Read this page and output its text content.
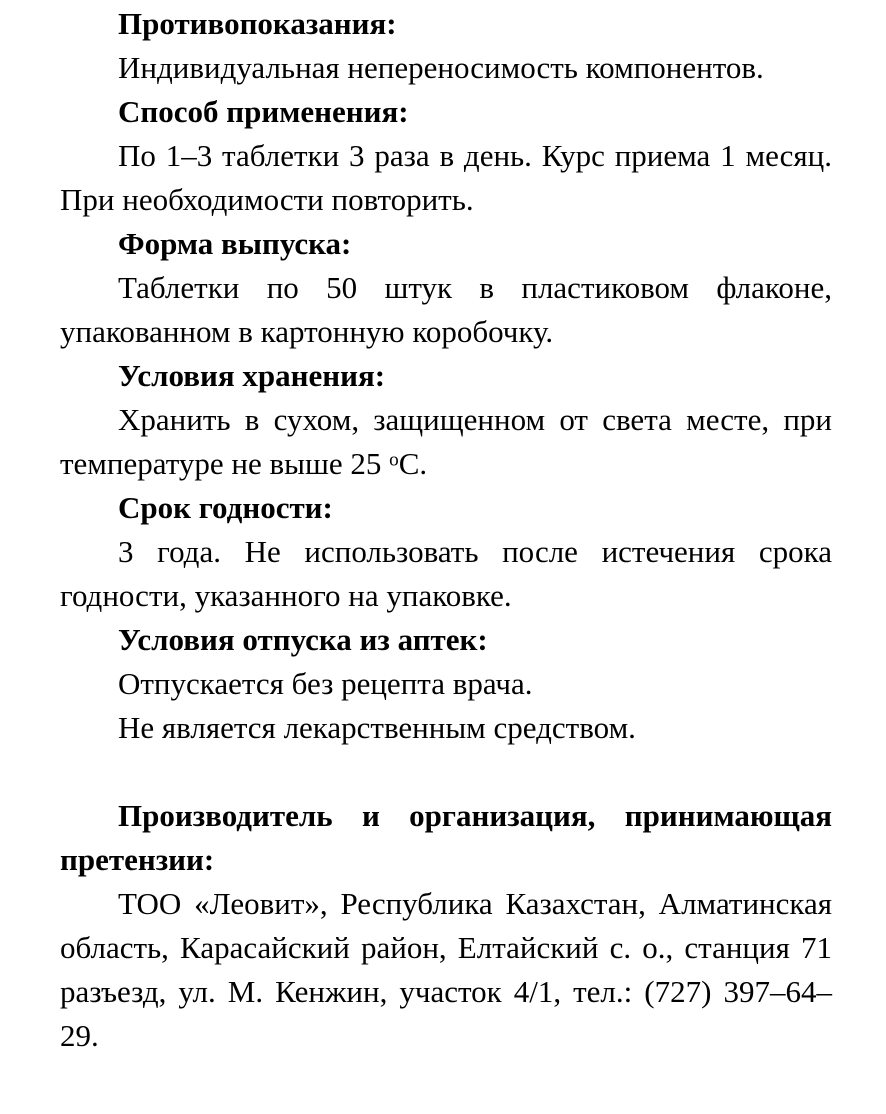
Противопоказания:

Индивидуальная непереносимость компонентов.

Способ применения:

По 1–3 таблетки 3 раза в день. Курс приема 1 месяц. При необходимости повторить.

Форма выпуска:

Таблетки по 50 штук в пластиковом флаконе, упакованном в картонную коробочку.

Условия хранения:

Хранить в сухом, защищенном от света месте, при температуре не выше 25 $^o$C.

Срок годности:

3 года. Не использовать после истечения срока годности, указанного на упаковке.

Условия отпуска из аптек:

Отпускается без рецепта врача.

Не является лекарственным средством.

Производитель и организация, принимающая претензии:

ТОО «Леовит», Республика Казахстан, Алматинская область, Карасайский район, Елтайский с. о., станция 71 разъезд, ул. М. Кенжин, участок 4/1, тел.: (727) 397–64–29.
